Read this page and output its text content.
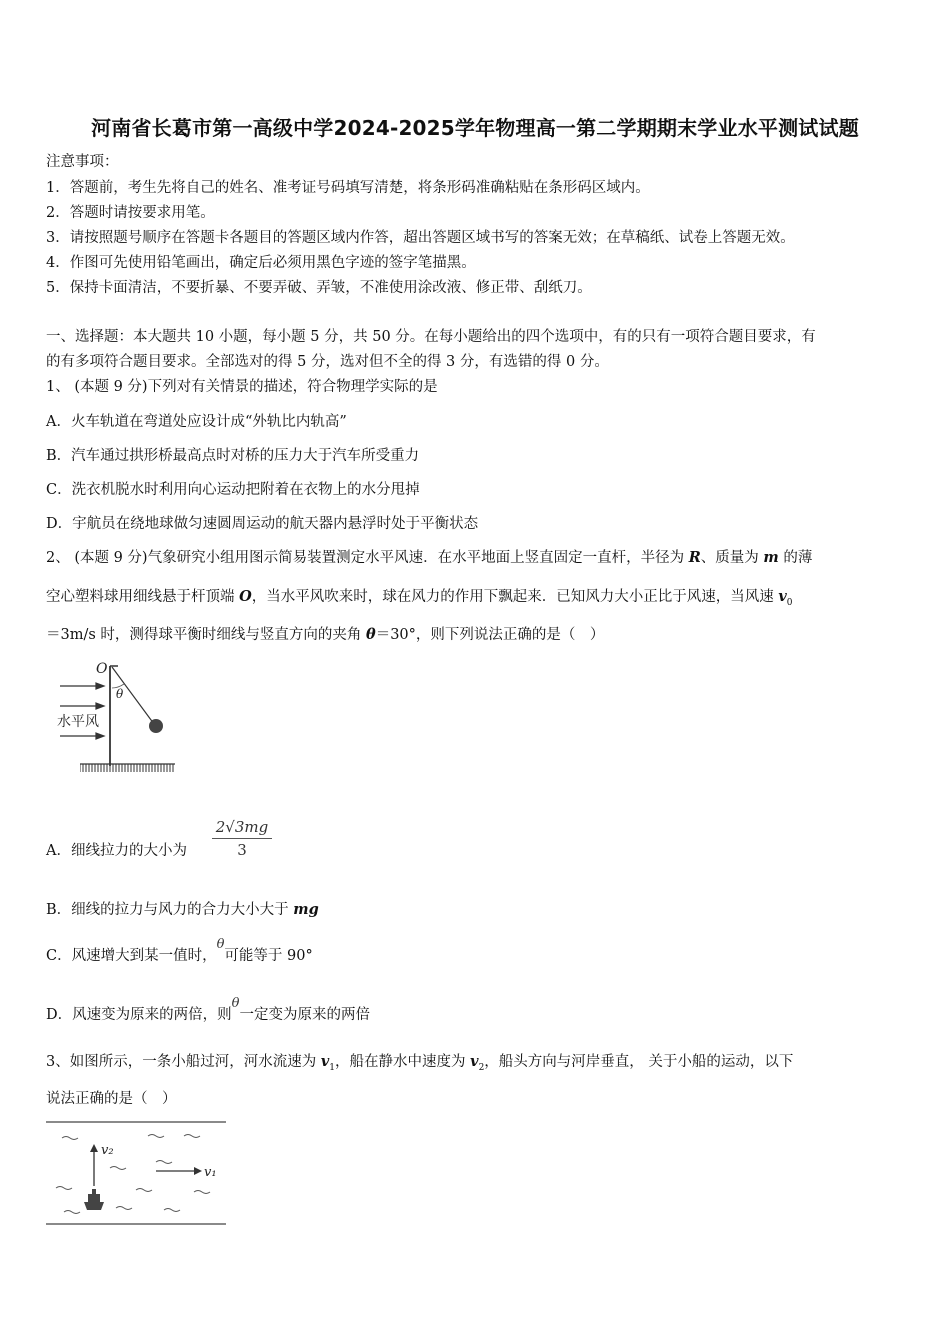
河南省长葛市第一高级中学2024-2025学年物理高一第二学期期末学业水平测试试题
注意事项：
1．答题前，考生先将自己的姓名、准考证号码填写清楚，将条形码准确粘贴在条形码区域内。
2．答题时请按要求用笔。
3．请按照题号顺序在答题卡各题目的答题区域内作答，超出答题区域书写的答案无效；在草稿纸、试卷上答题无效。
4．作图可先使用铅笔画出，确定后必须用黑色字迹的签字笔描黑。
5．保持卡面清洁，不要折暴、不要弄破、弄皱，不准使用涂改液、修正带、刮纸刀。
一、选择题：本大题共 10 小题，每小题 5 分，共 50 分。在每小题给出的四个选项中，有的只有一项符合题目要求，有
的有多项符合题目要求。全部选对的得 5 分，选对但不全的得 3 分，有选错的得 0 分。
1、 (本题 9 分)下列对有关情景的描述，符合物理学实际的是
A．火车轨道在弯道处应设计成“外轨比内轨高”
B．汽车通过拱形桥最高点时对桥的压力大于汽车所受重力
C．洗衣机脱水时利用向心运动把附着在衣物上的水分甩掉
D．宇航员在绕地球做匀速圆周运动的航天器内悬浮时处于平衡状态
2、 (本题 9 分)气象研究小组用图示简易装置测定水平风速．在水平地面上竖直固定一直杆，半径为 R、质量为 m 的薄
空心塑料球用细线悬于杆顶端 O，当水平风吹来时，球在风力的作用下飘起来．已知风力大小正比于风速，当风速 $v_0$
＝3m/s 时，测得球平衡时细线与竖直方向的夹角 θ＝30°，则下列说法正确的是（　）
O
θ
水平风
A．细线拉力的大小为
2√3mg
3
B．细线的拉力与风力的合力大小大于 mg
C．风速增大到某一值时，θ可能等于 90°
D．风速变为原来的两倍，则θ一定变为原来的两倍
3、如图所示，一条小船过河，河水流速为 $v_1$，船在静水中速度为 $v_2$，船头方向与河岸垂直， 关于小船的运动，以下
说法正确的是（　）
v₂
v₁
